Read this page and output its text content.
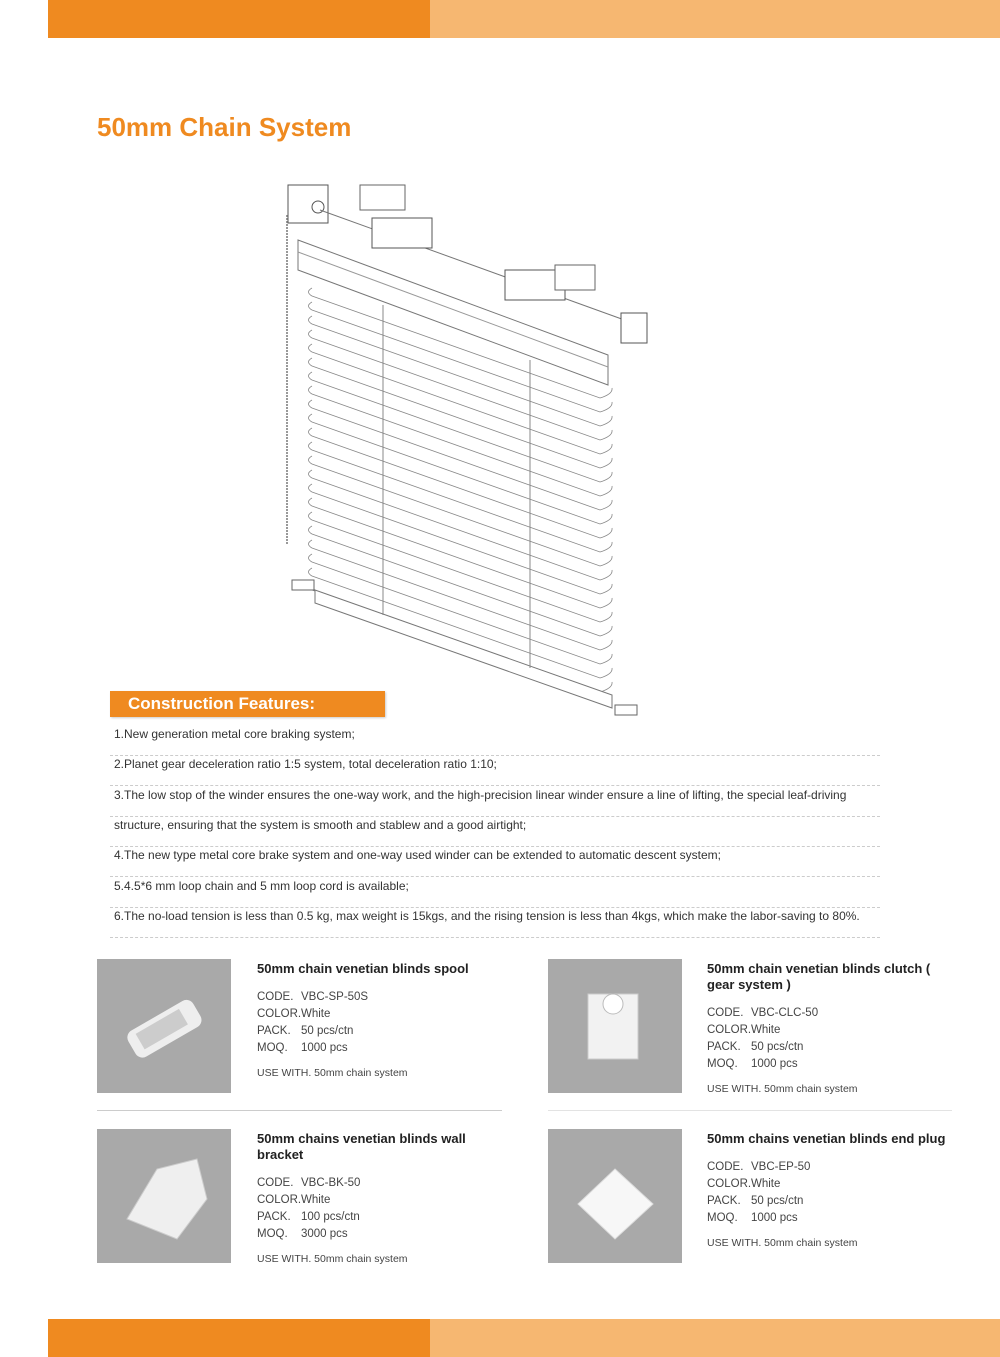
50mm Chain System
Construction Features:
1.New generation metal core braking system;
2.Planet gear deceleration ratio 1:5 system, total deceleration ratio 1:10;
3.The low stop of the winder ensures the one-way work, and the high-precision linear winder ensure a line of lifting, the special leaf-driving
structure, ensuring that the system is smooth and stablew and a good airtight;
4.The new type metal core brake system and one-way used winder can be extended to automatic descent system;
5.4.5*6 mm loop chain and 5 mm loop cord is available;
6.The no-load tension is less than 0.5 kg, max weight is 15kgs, and the rising tension is less than 4kgs, which make the labor-saving to 80%.
50mm chain venetian blinds spool
CODE. VBC-SP-50S
COLOR.White
PACK. 50 pcs/ctn
MOQ. 1000 pcs
USE WITH. 50mm chain system
50mm chain venetian blinds clutch ( gear system )
CODE. VBC-CLC-50
COLOR.White
PACK. 50 pcs/ctn
MOQ. 1000 pcs
USE WITH. 50mm chain system
50mm chains venetian blinds wall bracket
CODE. VBC-BK-50
COLOR.White
PACK. 100 pcs/ctn
MOQ. 3000 pcs
USE WITH. 50mm chain system
50mm chains venetian blinds end plug
CODE. VBC-EP-50
COLOR.White
PACK. 50 pcs/ctn
MOQ. 1000 pcs
USE WITH. 50mm chain system
